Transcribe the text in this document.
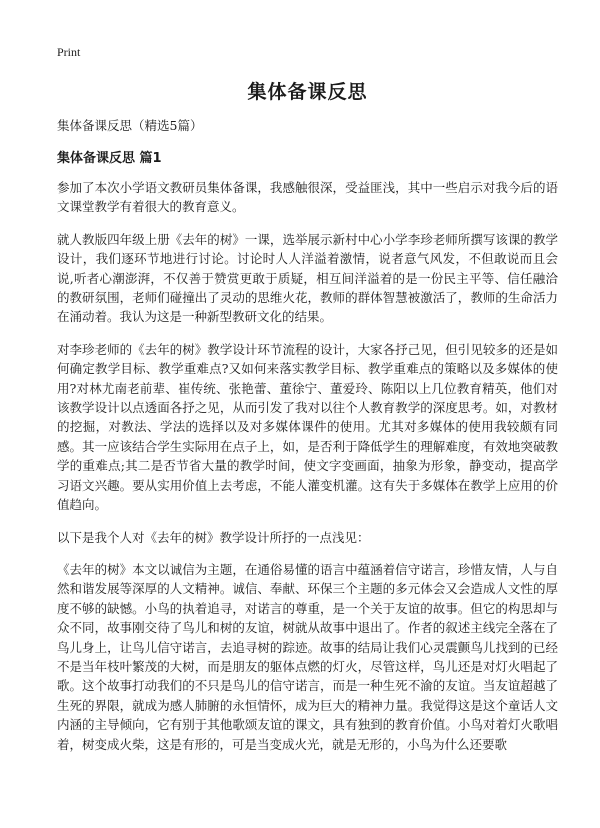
Print
集体备课反思

集体备课反思（精选5篇）

集体备课反思 篇1

参加了本次小学语文教研员集体备课，我感触很深，受益匪浅，其中一些启示对我今后的语文课堂教学有着很大的教育意义。

就人教版四年级上册《去年的树》一课，选举展示新村中心小学李珍老师所撰写该课的教学设计，我们逐环节地进行讨论。讨论时人人洋溢着激情，说者意气风发，不但敢说而且会说,听者心潮澎湃，不仅善于赞赏更敢于质疑，相互间洋溢着的是一份民主平等、信任融洽的教研氛围，老师们碰撞出了灵动的思维火花，教师的群体智慧被激活了，教师的生命活力在涌动着。我认为这是一种新型教研文化的结果。

对李珍老师的《去年的树》教学设计环节流程的设计，大家各抒己见，但引见较多的还是如何确定教学目标、教学重难点?又如何来落实教学目标、教学重难点的策略以及多媒体的使用?对林尤南老前辈、崔传统、张艳蕾、董徐宁、董爱玲、陈阳以上几位教育精英，他们对该教学设计以点透面各抒之见，从而引发了我对以往个人教育教学的深度思考。如，对教材的挖掘，对教法、学法的选择以及对多媒体课件的使用。尤其对多媒体的使用我较颇有同感。其一应该结合学生实际用在点子上，如，是否利于降低学生的理解难度，有效地突破教学的重难点;其二是否节省大量的教学时间，使文字变画面，抽象为形象，静变动，提高学习语文兴趣。要从实用价值上去考虑，不能人灌变机灌。这有失于多媒体在教学上应用的价值趋向。

以下是我个人对《去年的树》教学设计所抒的一点浅见：

《去年的树》本文以诚信为主题，在通俗易懂的语言中蕴涵着信守诺言，珍惜友情，人与自然和谐发展等深厚的人文精神。诚信、奉献、环保三个主题的多元体会又会造成人文性的厚度不够的缺憾。小鸟的执着追寻，对诺言的尊重，是一个关于友谊的故事。但它的构思却与众不同，故事刚交待了鸟儿和树的友谊，树就从故事中退出了。作者的叙述主线完全落在了鸟儿身上，让鸟儿信守诺言，去追寻树的踪迹。故事的结局让我们心灵震颤鸟儿找到的已经不是当年枝叶繁茂的大树，而是朋友的躯体点燃的灯火，尽管这样，鸟儿还是对灯火唱起了歌。这个故事打动我们的不只是鸟儿的信守诺言，而是一种生死不渝的友谊。当友谊超越了生死的界限，就成为感人肺腑的永恒情怀，成为巨大的精神力量。我觉得这是这个童话人文内涵的主导倾向，它有别于其他歌颂友谊的课文，具有独到的教育价值。小鸟对着灯火歌唱着，树变成火柴，这是有形的，可是当变成火光，就是无形的，小鸟为什么还要歌
